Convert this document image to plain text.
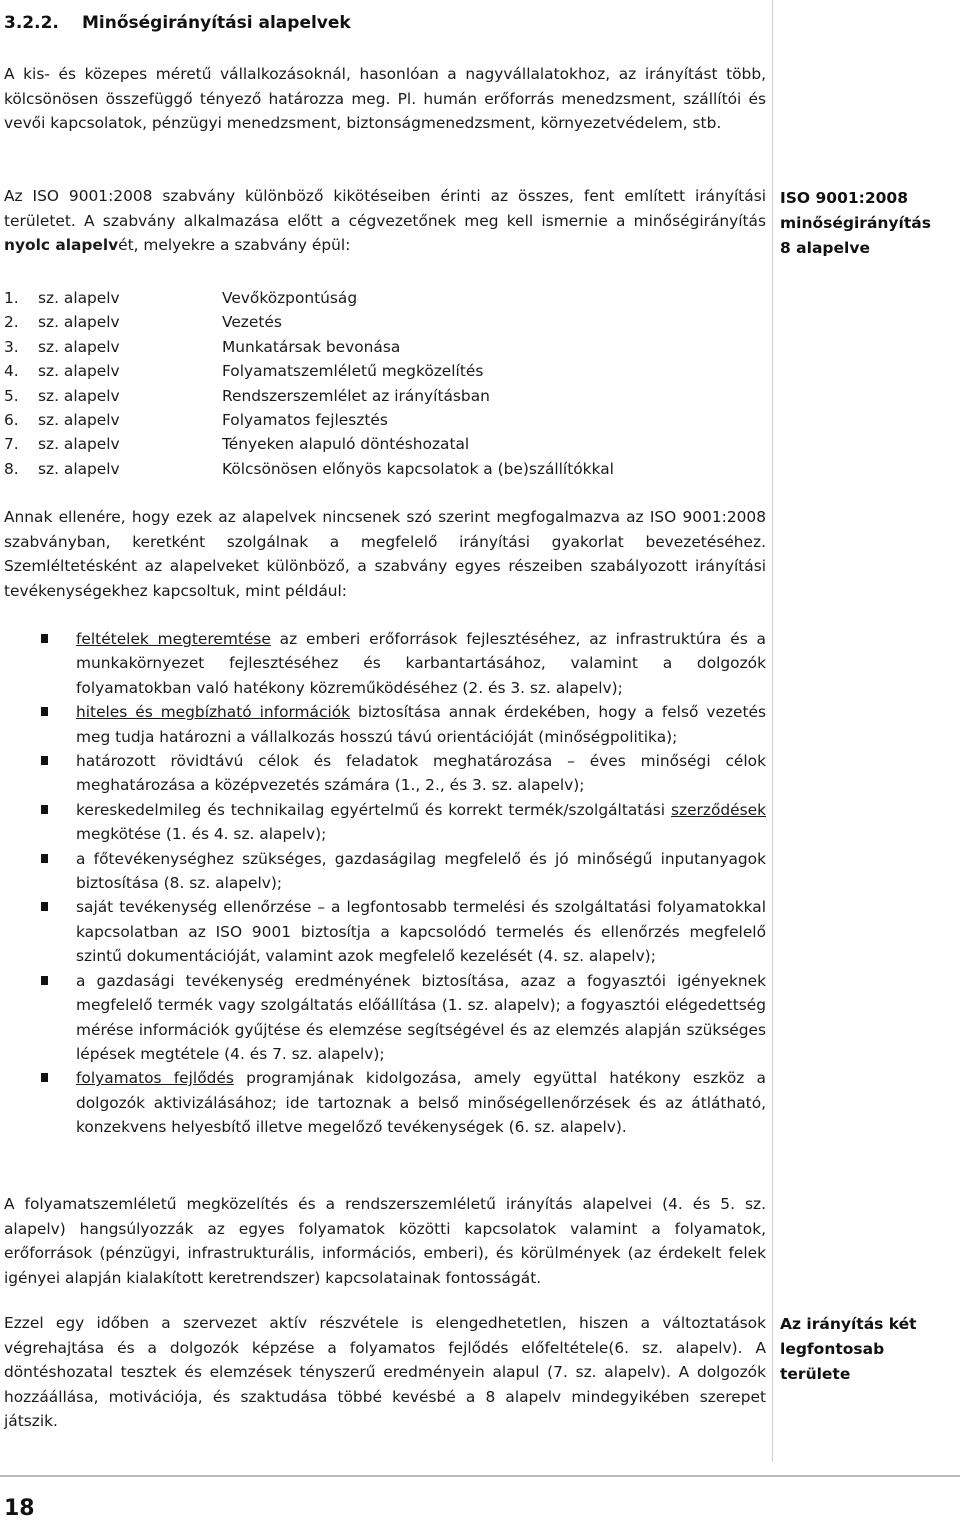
3.2.2. Minőségirányítási alapelvek
A kis- és közepes méretű vállalkozásoknál, hasonlóan a nagyvállalatokhoz, az irányítást több, kölcsönösen összefüggő tényező határozza meg. Pl. humán erőforrás menedzsment, szállítói és vevői kapcsolatok, pénzügyi menedzsment, biztonságmenedzsment, környezetvédelem, stb.
Az ISO 9001:2008 szabvány különböző kikötéseiben érinti az összes, fent említett irányítási területet. A szabvány alkalmazása előtt a cégvezetőnek meg kell ismernie a minőségirányítás nyolc alapelvét, melyekre a szabvány épül:
ISO 9001:2008
minőségirányítás
8 alapelve
1.	sz. alapelv	Vevőközpontúság
2.	sz. alapelv	Vezetés
3.	sz. alapelv	Munkatársak bevonása
4.	sz. alapelv	Folyamatszemléletű megközelítés
5.	sz. alapelv	Rendszerszemlélet az irányításban
6.	sz. alapelv	Folyamatos fejlesztés
7.	sz. alapelv	Tényeken alapuló döntéshozatal
8.	sz. alapelv	Kölcsönösen előnyös kapcsolatok a (be)szállítókkal
Annak ellenére, hogy ezek az alapelvek nincsenek szó szerint megfogalmazva az ISO 9001:2008 szabványban, keretként szolgálnak a megfelelő irányítási gyakorlat bevezetéséhez. Szemléltetésként az alapelveket különböző, a szabvány egyes részeiben szabályozott irányítási tevékenységekhez kapcsoltuk, mint például:
feltételek megteremtése az emberi erőforrások fejlesztéséhez, az infrastruktúra és a munkakörnyezet fejlesztéséhez és karbantartásához, valamint a dolgozók folyamatokban való hatékony közreműködéséhez (2. és 3. sz. alapelv);
hiteles és megbízható információk biztosítása annak érdekében, hogy a felső vezetés meg tudja határozni a vállalkozás hosszú távú orientációját (minőségpolitika);
határozott rövidtávú célok és feladatok meghatározása – éves minőségi célok meghatározása a középvezetés számára (1., 2., és 3. sz. alapelv);
kereskedelmileg és technikailag egyértelmű és korrekt termék/szolgáltatási szerződések megkötése (1. és 4. sz. alapelv);
a főtevékenységhez szükséges, gazdaságilag megfelelő és jó minőségű inputanyagok biztosítása (8. sz. alapelv);
saját tevékenység ellenőrzése – a legfontosabb termelési és szolgáltatási folyamatokkal kapcsolatban az ISO 9001 biztosítja a kapcsolódó termelés és ellenőrzés megfelelő szintű dokumentációját, valamint azok megfelelő kezelését (4. sz. alapelv);
a gazdasági tevékenység eredményének biztosítása, azaz a fogyasztói igényeknek megfelelő termék vagy szolgáltatás előállítása (1. sz. alapelv); a fogyasztói elégedettség mérése információk gyűjtése és elemzése segítségével és az elemzés alapján szükséges lépések megtétele (4. és 7. sz. alapelv);
folyamatos fejlődés programjának kidolgozása, amely együttal hatékony eszköz a dolgozók aktivizálásához; ide tartoznak a belső minőségellenőrzések és az átlátható, konzekvens helyesbítő illetve megelőző tevékenységek (6. sz. alapelv).
A folyamatszemléletű megközelítés és a rendszerszemléletű irányítás alapelvei (4. és 5. sz. alapelv) hangsúlyozzák az egyes folyamatok közötti kapcsolatok valamint a folyamatok, erőforrások (pénzügyi, infrastrukturális, információs, emberi), és körülmények (az érdekelt felek igényei alapján kialakított keretrendszer) kapcsolatainak fontosságát.
Ezzel egy időben a szervezet aktív részvétele is elengedhetetlen, hiszen a változtatások végrehajtása és a dolgozók képzése a folyamatos fejlődés előfeltétele(6. sz. alapelv). A döntéshozatal tesztek és elemzések tényszerű eredményein alapul (7. sz. alapelv). A dolgozók hozzáállása, motivációja, és szaktudása többé kevésbé a 8 alapelv mindegyikében szerepet játszik.
Az irányítás két
legfontosab
területe
18
